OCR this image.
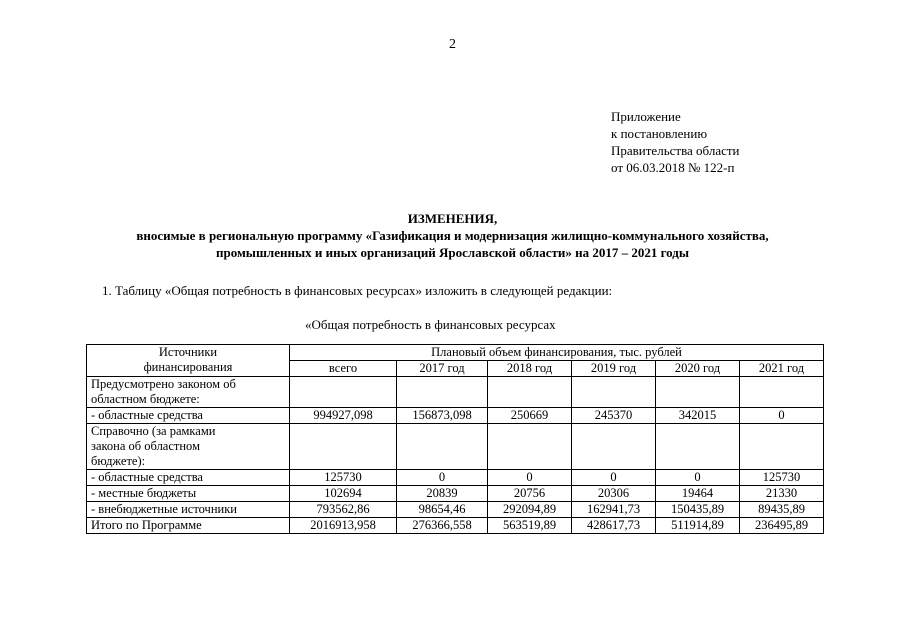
2
Приложение
к постановлению
Правительства области
от 06.03.2018 № 122-п
ИЗМЕНЕНИЯ,
вносимые в региональную программу «Газификация и модернизация жилищно-коммунального хозяйства,
промышленных и иных организаций Ярославской области» на 2017 – 2021 годы
1. Таблицу «Общая потребность в финансовых ресурсах» изложить в следующей редакции:
«Общая потребность в финансовых ресурсах
Источники
финансирования	Плановый объем финансирования, тыс. рублей					
	всего	2017 год	2018 год	2019 год	2020 год	2021 год

Предусмотрено законом об
областном бюджете:						

- областные средства	994927,098	156873,098	250669	245370	342015	0

Справочно (за рамками
закона об областном
бюджете):						

- областные средства	125730	0	0	0	0	125730
- местные бюджеты	102694	20839	20756	20306	19464	21330
- внебюджетные источники	793562,86	98654,46	292094,89	162941,73	150435,89	89435,89
Итого по Программе	2016913,958	276366,558	563519,89	428617,73	511914,89	236495,89
